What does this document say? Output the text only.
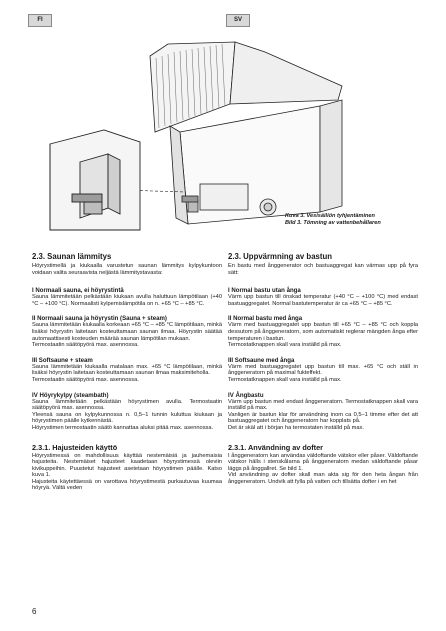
FI	SV
Kuva 3. Vesisäiliön tyhjentäminen
Bild 3. Tömning av vattenbehållaren
2.3. Saunan lämmitys

Höyrystimellä ja kiukaalla varustetun saunan lämmitys kylpykuntoon voidaan valita seuraavista neljästä lämmitystavasta:

I Normaali sauna, ei höyrystintä

Sauna lämmitetään pelkästään kiukaan avulla haluttuun lämpötilaan (+40 °C – +100 °C). Normaalisti kylpemislämpötila on n. +65 °C – +85 °C.

II Normaali sauna ja höyrystin (Sauna + steam)

Sauna lämmitetään kiukaalla korkeaan +65 °C – +85 °C lämpötilaan, minkä lisäksi höyrystin laitetaan kosteuttamaan saunan ilmaa. Höyrystin säätää automaattisesti kosteuden määrää saunan lämpötilan mukaan.

Termostaatin säätöpyörä max. asennossa.

III Softsaune + steam

Sauna lämmitetään kiukaalla matalaan max. +65 °C lämpötilaan, minkä lisäksi höyrystin laitetaan kosteuttamaan saunan ilmaa maksimiteholla.

Termostaatin säätöpyörä max. asennossa.

IV Höyrykylpy (steambath)

Sauna lämmitetään pelkästään höyrystimen avulla. Termostaatin säätöpyörä max. asennossa.

Yleensä sauna on kylpykunnossa n. 0,5–1 tunnin kuluttua kiukaan ja höyrystimen päälle kytkennästä.

Höyrystimen termostaatin säätö kannattaa aluksi pitää max. asennossa.

2.3.1. Hajusteiden käyttö

Höyrystimessä on mahdollisuus käyttää nestemäisiä ja jauhemaisia hajusteita. Nestemäiset hajusteet kaadetaan höyrystimessä oleviin kivikuppeihin. Puustetut hajusteet asetetaan höyrystimen päälle. Katso kuva 1.

Hajusteita käytettäessä on varottava höyrystimestä purkautuvaa kuumaa höyryä. Vältä veden

2.3. Uppvärmning av bastun

En bastu med ånggenerator och bastuaggregat kan värmas upp på fyra sätt:

I Normal bastu utan ånga

Värm upp bastun till önskad temperatur (+40 °C – +100 °C) med endast bastuaggregatet. Normal bastutemperatur är ca +65 °C – +85 °C.

II Normal bastu med ånga

Värm med bastuaggregatet upp bastun till +65 °C – +85 °C och koppla dessutom på ånggeneratorn, som automatiskt reglerar mängden ånga efter temperaturen i bastun.

Termostatknappen skall vara inställd på max.

III Softsaune med ånga

Värm med bastuaggregatet upp bastun till max. +65 °C och ställ in ånggeneratorn på maximal fukteffekt.

Termostatknappen skall vara inställd på max.

IV Ångbastu

Värm upp bastun med endast ånggeneratorn. Termostatknappen skall vara inställd på max.

Vanligen är bastun klar för användning inom ca 0,5–1 timme efter det att bastuaggregatet och ånggeneratorn har kopplats på.

Det är skäl att i början ha termostaten inställd på max.

2.3.1. Användning av dofter

I ånggeneratorn kan användas väldoftande vätskor eller påser. Väldoftande vätskor hälls i stenskålarna på ånggeneratorn medan väldoftande påsar läggs på ånggallret. Se bild 1.

Vid användning av dofter skall man akta sig för den heta ångan från ånggeneratorn. Undvik att fylla på vatten och tillsätta dofter i en het

6
